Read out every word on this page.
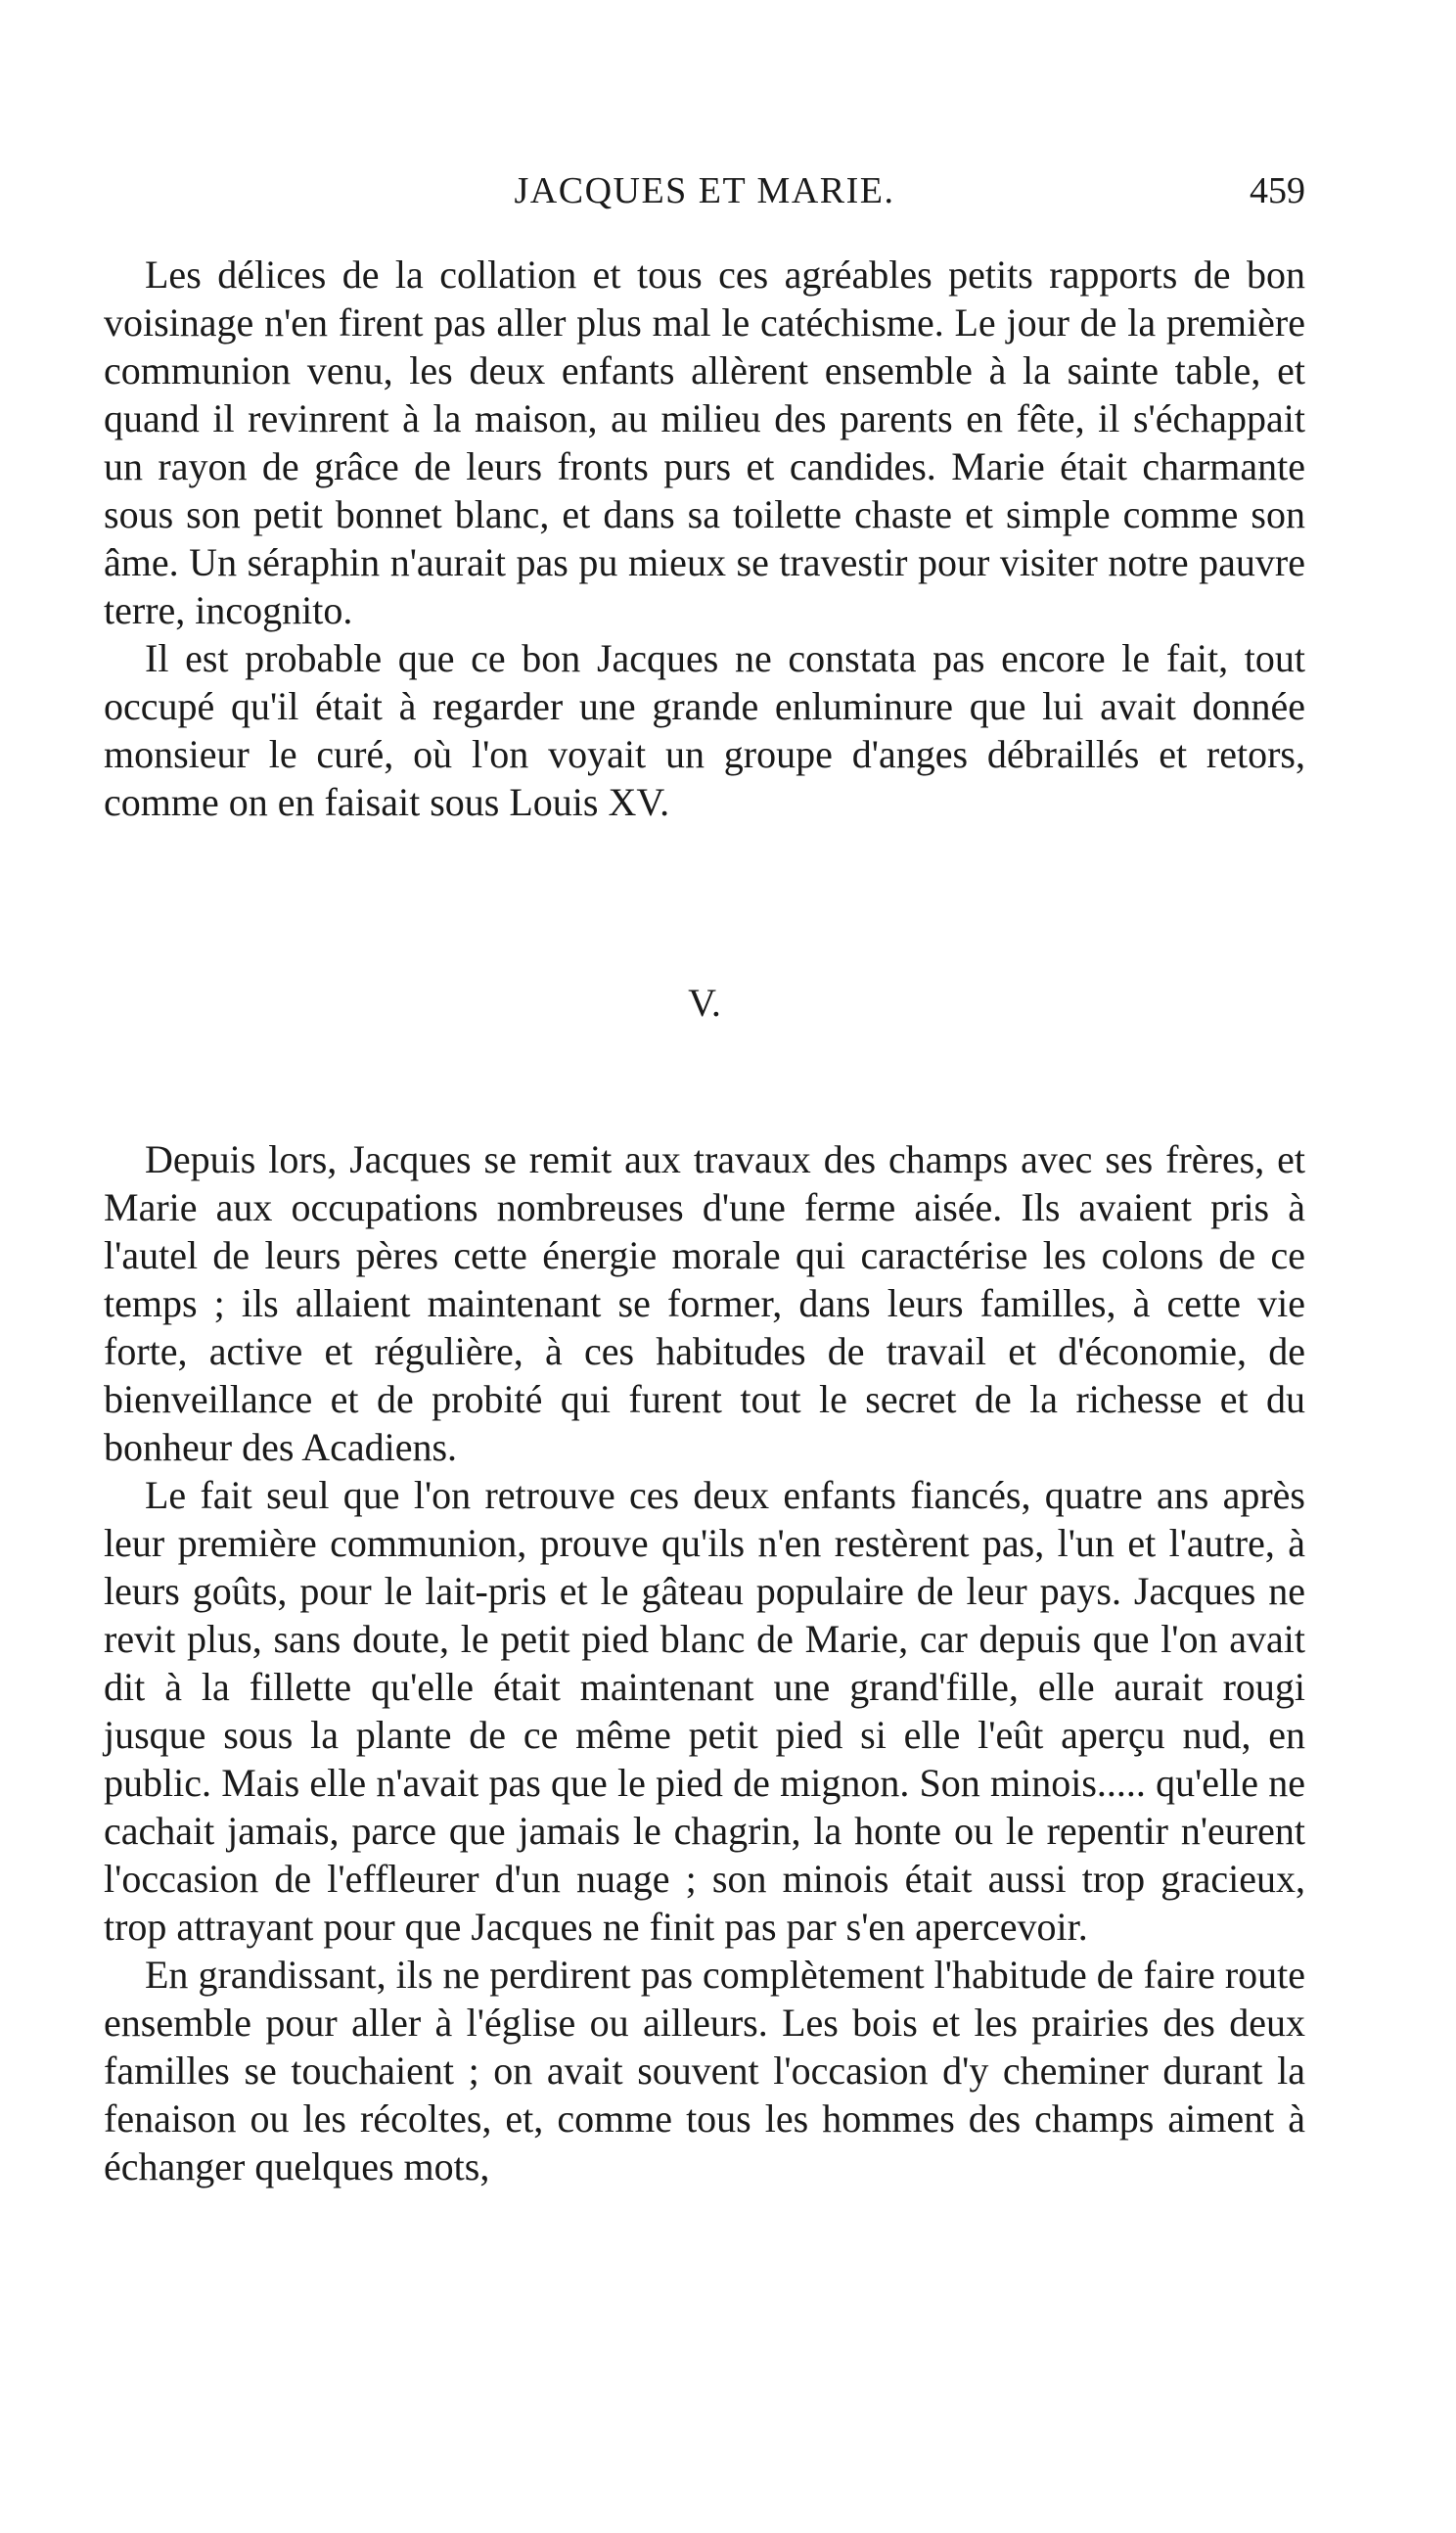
JACQUES ET MARIE.	459

Les délices de la collation et tous ces agréables petits rapports de bon voisinage n'en firent pas aller plus mal le catéchisme. Le jour de la première communion venu, les deux enfants allèrent ensemble à la sainte table, et quand il revinrent à la maison, au milieu des parents en fête, il s'échappait un rayon de grâce de leurs fronts purs et candides. Marie était charmante sous son petit bonnet blanc, et dans sa toilette chaste et simple comme son âme. Un séraphin n'aurait pas pu mieux se travestir pour visiter notre pauvre terre, incognito.

Il est probable que ce bon Jacques ne constata pas encore le fait, tout occupé qu'il était à regarder une grande enluminure que lui avait donnée monsieur le curé, où l'on voyait un groupe d'anges débraillés et retors, comme on en faisait sous Louis XV.

V.

Depuis lors, Jacques se remit aux travaux des champs avec ses frères, et Marie aux occupations nombreuses d'une ferme aisée. Ils avaient pris à l'autel de leurs pères cette énergie morale qui caractérise les colons de ce temps ; ils allaient maintenant se former, dans leurs familles, à cette vie forte, active et régulière, à ces habitudes de travail et d'économie, de bienveillance et de probité qui furent tout le secret de la richesse et du bonheur des Acadiens.

Le fait seul que l'on retrouve ces deux enfants fiancés, quatre ans après leur première communion, prouve qu'ils n'en restèrent pas, l'un et l'autre, à leurs goûts, pour le lait-pris et le gâteau populaire de leur pays. Jacques ne revit plus, sans doute, le petit pied blanc de Marie, car depuis que l'on avait dit à la fillette qu'elle était maintenant une grand'fille, elle aurait rougi jusque sous la plante de ce même petit pied si elle l'eût aperçu nud, en public. Mais elle n'avait pas que le pied de mignon. Son minois..... qu'elle ne cachait jamais, parce que jamais le chagrin, la honte ou le repentir n'eurent l'occasion de l'effleurer d'un nuage ; son minois était aussi trop gracieux, trop attrayant pour que Jacques ne finit pas par s'en apercevoir.

En grandissant, ils ne perdirent pas complètement l'habitude de faire route ensemble pour aller à l'église ou ailleurs. Les bois et les prairies des deux familles se touchaient ; on avait souvent l'occasion d'y cheminer durant la fenaison ou les récoltes, et, comme tous les hommes des champs aiment à échanger quelques mots,
